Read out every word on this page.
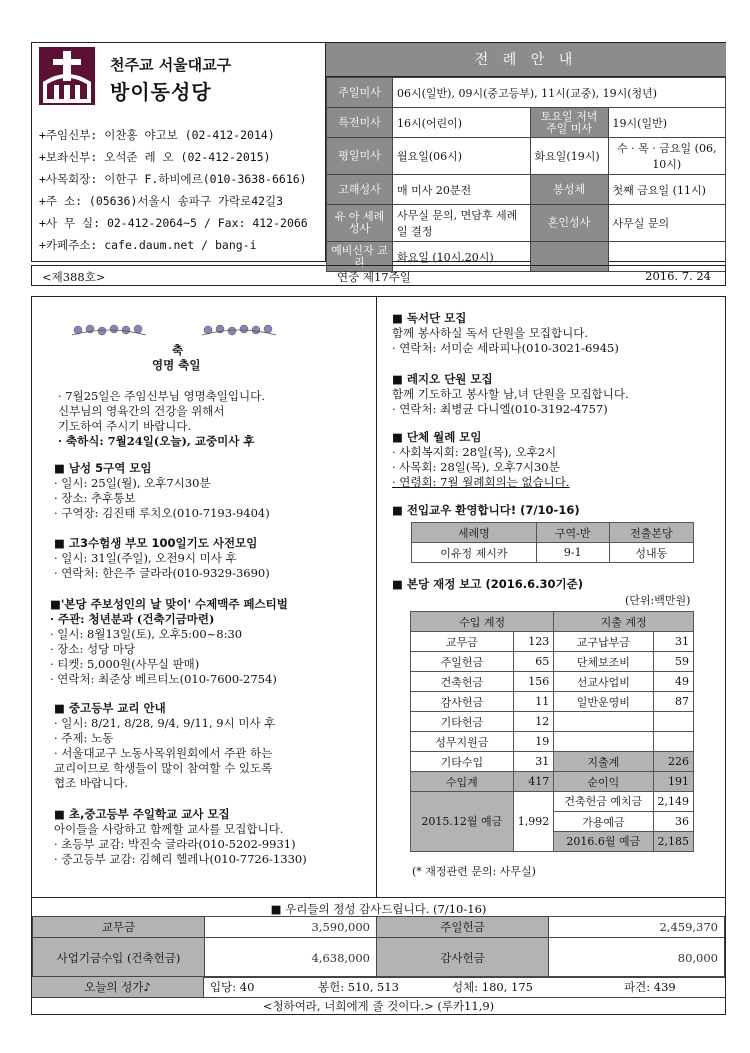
천주교 서울대교구
방이동성당
+주임신부: 이찬홍 야고보 (02-412-2014)
+보좌신부: 오석준 레 오 (02-412-2015)
+사목회장: 이한구 F.하비에르(010-3638-6616)
+주 소: (05636)서울시 송파구 가락로42길3
+사 무 실: 02-412-2064~5 / Fax: 412-2066
+카페주소: cafe.daum.net / bang-i
전 례 안 내
주일미사	06시(일반), 09시(중고등부), 11시(교중), 19시(청년)		
특전미사	16시(어린이)	토요일 저녁 주일 미사	19시(일반)
평일미사	월요일(06시)	화요일(19시)	수 · 목 · 금요일 (06, 10시)
고해성사	매 미사 20분전	봉성체	첫째 금요일 (11시)
유 아 세례성사	사무실 문의, 면담후 세례일 결정	혼인성사	사무실 문의
예비신자 교 리	화요일 (10시,20시)		
<제388호>	연중 제17주일	2016. 7. 24
축
영명 축일
· 7월25일은 주임신부님 영명축일입니다.
신부님의 영육간의 건강을 위해서
기도하여 주시기 바랍니다.
· 축하식: 7월24일(오늘), 교중미사 후
■ 남성 5구역 모임
· 일시: 25일(월), 오후7시30분
· 장소: 추후통보
· 구역장: 김진태 루치오(010-7193-9404)
■ 고3수험생 부모 100일기도 사전모임
· 일시: 31일(주일), 오전9시 미사 후
· 연락처: 한은주 글라라(010-9329-3690)
■'본당 주보성인의 날 맞이' 수제맥주 페스티벌
· 주관: 청년분과 (건축기금마련)
· 일시: 8월13일(토), 오후5:00~8:30
· 장소: 성당 마당
· 티켓: 5,000원(사무실 판매)
· 연락처: 최준상 베르티노(010-7600-2754)
■ 중고등부 교리 안내
· 일시: 8/21, 8/28, 9/4, 9/11, 9시 미사 후
· 주제: 노동
· 서울대교구 노동사목위원회에서 주관 하는
교리이므로 학생들이 많이 참여할 수 있도록
협조 바랍니다.
■ 초,중고등부 주일학교 교사 모집
아이들을 사랑하고 함께할 교사를 모집합니다.
· 초등부 교감: 박진숙 글라라(010-5202-9931)
· 중고등부 교감: 김혜리 헬레나(010-7726-1330)
■ 독서단 모집
함께 봉사하실 독서 단원을 모집합니다.
· 연락처: 서미순 세라피나(010-3021-6945)
■ 레지오 단원 모집
함께 기도하고 봉사할 남,녀 단원을 모집합니다.
· 연락처: 최병균 다니엘(010-3192-4757)
■ 단체 월례 모임
· 사회복지회: 28일(목), 오후2시
· 사목회: 28일(목), 오후7시30분
· 연령회: 7월 월례회의는 없습니다.
■ 전입교우 환영합니다! (7/10-16)
세례명	구역-반	전출본당
이유정 제시카	9-1	성내동
■ 본당 재정 보고 (2016.6.30기준)
(단위:백만원)
수입 계정		지출 계정	
교무금	123	교구납부금	31
주일헌금	65	단체보조비	59
건축헌금	156	선교사업비	49
감사헌금	11	일반운영비	87
기타헌금	12		
성무지원금	19		
기타수입	31	지출계	226
수입계	417	순이익	191
2015.12월 예금	1,992	건축헌금 예치금	2,149
		가용예금	36
		2016.6월 예금	2,185
(* 재정관련 문의: 사무실)
■ 우리들의 정성 감사드립니다. (7/10-16)
교무금	3,590,000	주일헌금	2,459,370
사업기금수입 (건축헌금)	4,638,000	감사헌금	80,000
오늘의 성가♪	입당: 40	봉헌: 510, 513	성체: 180, 175	파견: 439
<청하여라, 너희에게 줄 것이다.> (루카11,9)
